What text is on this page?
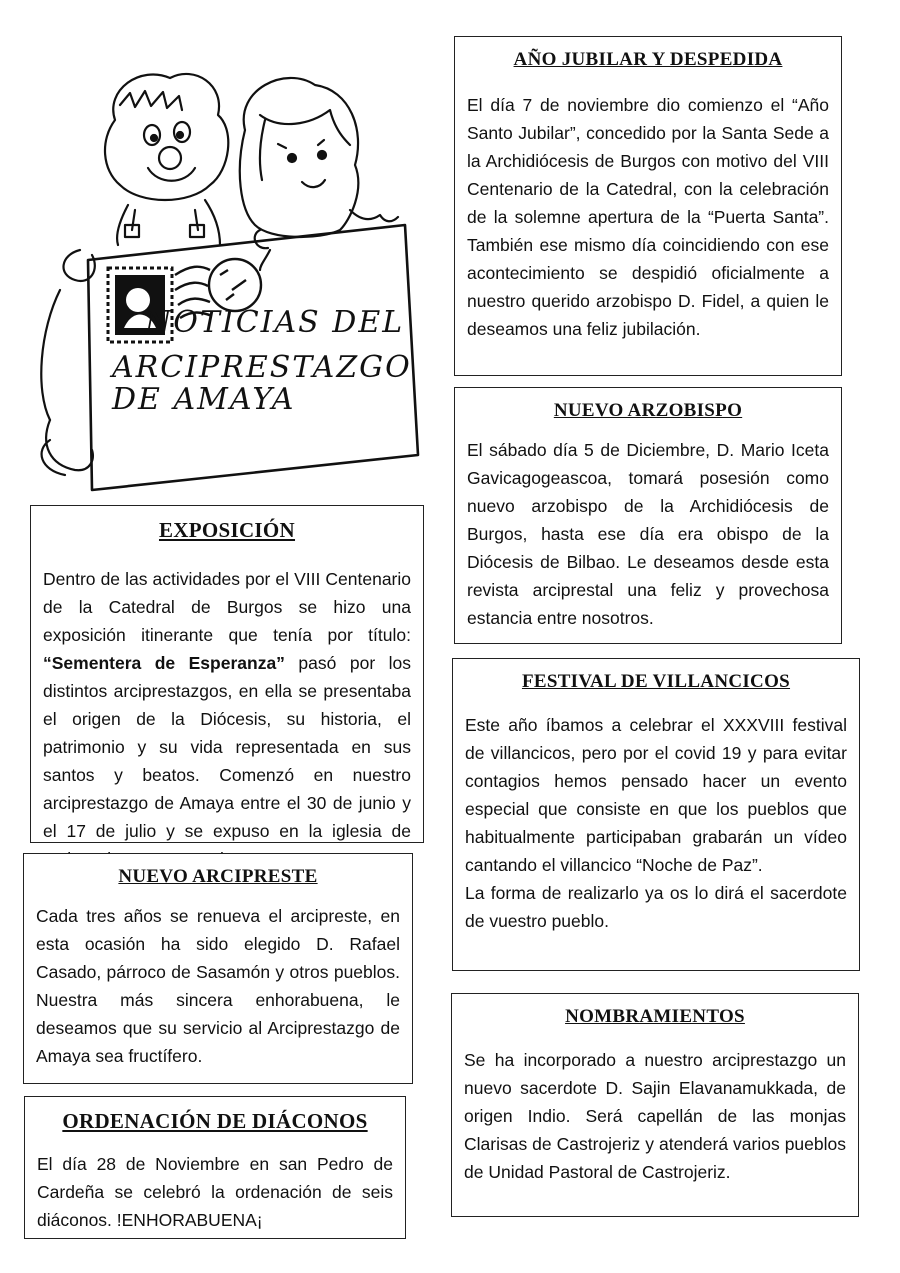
NOTICIAS DEL
ARCIPRESTAZGO
DE AMAYA
AÑO JUBILAR Y DESPEDIDA

El día 7 de noviembre dio comienzo el “Año Santo Jubilar”, concedido por la Santa Sede a la Archidiócesis de Burgos con motivo del VIII Centenario de la Catedral, con la celebración de la solemne apertura de la “Puerta Santa”. También ese mismo día coincidiendo con ese acontecimiento se despidió oficialmente a nuestro querido arzobispo D. Fidel, a quien le deseamos una feliz jubilación.

NUEVO ARZOBISPO

El sábado día 5 de Diciembre, D. Mario Iceta Gavicagogeascoa, tomará posesión como nuevo arzobispo de la Archidiócesis de Burgos, hasta ese día era obispo de la Diócesis de Bilbao. Le deseamos desde esta revista arciprestal una feliz y provechosa estancia entre nosotros.

FESTIVAL DE VILLANCICOS

Este año íbamos a celebrar el XXXVIII festival de villancicos, pero por el covid 19 y para evitar contagios hemos pensado hacer un evento especial que consiste en que los pueblos que habitualmente participaban grabarán un vídeo cantando el villancico “Noche de Paz”.

La forma de realizarlo ya os lo dirá el sacerdote de vuestro pueblo.

NOMBRAMIENTOS

Se ha incorporado a nuestro arciprestazgo un nuevo sacerdote D. Sajin Elavanamukkada, de origen Indio. Será capellán de las monjas Clarisas de Castrojeriz y atenderá varios pueblos de Unidad Pastoral de Castrojeriz.

EXPOSICIÓN

Dentro de las actividades por el VIII Centenario de la Catedral de Burgos se hizo una exposición itinerante que tenía por título: “Sementera de Esperanza” pasó por los distintos arciprestazgos, en ella se presentaba el origen de la Diócesis, su historia, el patrimonio y su vida representada en sus santos y beatos. Comenzó en nuestro arciprestazgo de Amaya entre el 30 de junio y el 17 de julio y se expuso en la iglesia de

NUEVO ARCIPRESTE

Cada tres años se renueva el arcipreste, en esta ocasión ha sido elegido D. Rafael Casado, párroco de Sasamón y otros pueblos. Nuestra más sincera enhorabuena, le deseamos que su servicio al Arciprestazgo de Amaya sea fructífero.

ORDENACIÓN DE DIÁCONOS

El día 28 de Noviembre en san Pedro de Cardeña se celebró la ordenación de seis diáconos. !ENHORABUENA¡
